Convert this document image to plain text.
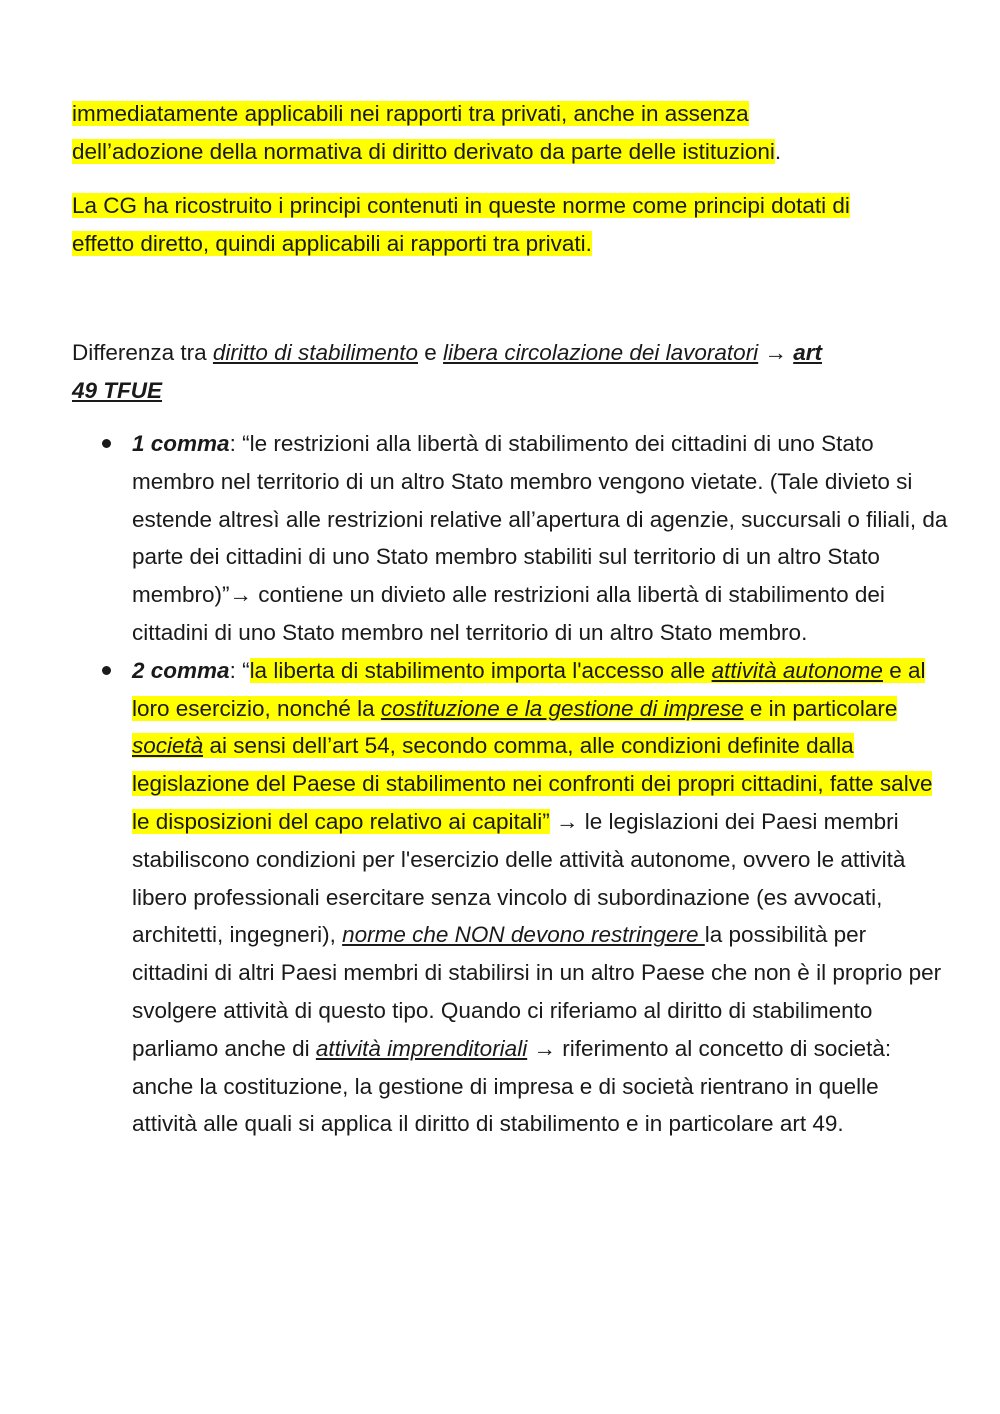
immediatamente applicabili nei rapporti tra privati, anche in assenza
dell’adozione della normativa di diritto derivato da parte delle istituzioni.

La CG ha ricostruito i principi contenuti in queste norme come principi dotati di
effetto diretto, quindi applicabili ai rapporti tra privati.

Differenza tra diritto di stabilimento e libera circolazione dei lavoratori → art
49 TFUE

1 comma: “le restrizioni alla libertà di stabilimento dei cittadini di uno Stato membro nel territorio di un altro Stato membro vengono vietate. (Tale divieto si estende altresì alle restrizioni relative all’apertura di agenzie, succursali o filiali, da parte dei cittadini di uno Stato membro stabiliti sul territorio di un altro Stato membro)”→ contiene un divieto alle restrizioni alla libertà di stabilimento dei cittadini di uno Stato membro nel territorio di un altro Stato membro.
2 comma: “la liberta di stabilimento importa l'accesso alle attività autonome e al loro esercizio, nonché la costituzione e la gestione di imprese e in particolare società ai sensi dell’art 54, secondo comma, alle condizioni definite dalla legislazione del Paese di stabilimento nei confronti dei propri cittadini, fatte salve le disposizioni del capo relativo ai capitali” → le legislazioni dei Paesi membri stabiliscono condizioni per l'esercizio delle attività autonome, ovvero le attività libero professionali esercitare senza vincolo di subordinazione (es avvocati, architetti, ingegneri), norme che NON devono restringere la possibilità per cittadini di altri Paesi membri di stabilirsi in un altro Paese che non è il proprio per svolgere attività di questo tipo. Quando ci riferiamo al diritto di stabilimento parliamo anche di attività imprenditoriali → riferimento al concetto di società: anche la costituzione, la gestione di impresa e di società rientrano in quelle attività alle quali si applica il diritto di stabilimento e in particolare art 49.
